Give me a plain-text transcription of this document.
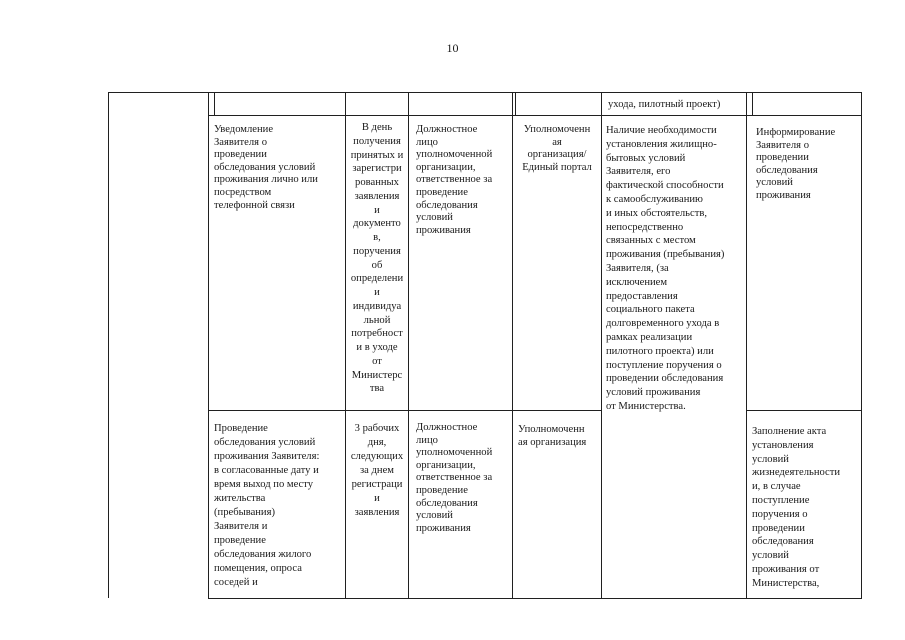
10
ухода, пилотный проект)
Уведомление
Заявителя о
проведении
обследования условий
проживания лично или
посредством
телефонной связи
В день
получения
принятых и
зарегистри
рованных
заявления
и
документо
в,
поручения
об
определени
и
индивидуа
льной
потребност
и в уходе
от
Министерс
тва
Должностное
лицо
уполномоченной
организации,
ответственное за
проведение
обследования
условий
проживания
Уполномоченн
ая
организация/
Единый портал
Наличие необходимости
установления жилищно-
бытовых условий
Заявителя, его
фактической способности
к самообслуживанию
и иных обстоятельств,
непосредственно
связанных с местом
проживания (пребывания)
Заявителя, (за
исключением
предоставления
социального пакета
долговременного ухода в
рамках реализации
пилотного проекта) или
поступление поручения о
проведении обследования
условий проживания
от Министерства.
Информирование
Заявителя о
проведении
обследования
условий
проживания
Проведение
обследования условий
проживания Заявителя:
в согласованные дату и
время выход по месту
жительства
(пребывания)
Заявителя и
проведение
обследования жилого
помещения, опроса
соседей и
3 рабочих
дня,
следующих
за днем
регистраци
и
заявления
Должностное
лицо
уполномоченной
организации,
ответственное за
проведение
обследования
условий
проживания
Уполномоченн
ая организация
Заполнение акта
установления
условий
жизнедеятельности
и, в случае
поступление
поручения о
проведении
обследования
условий
проживания от
Министерства,
